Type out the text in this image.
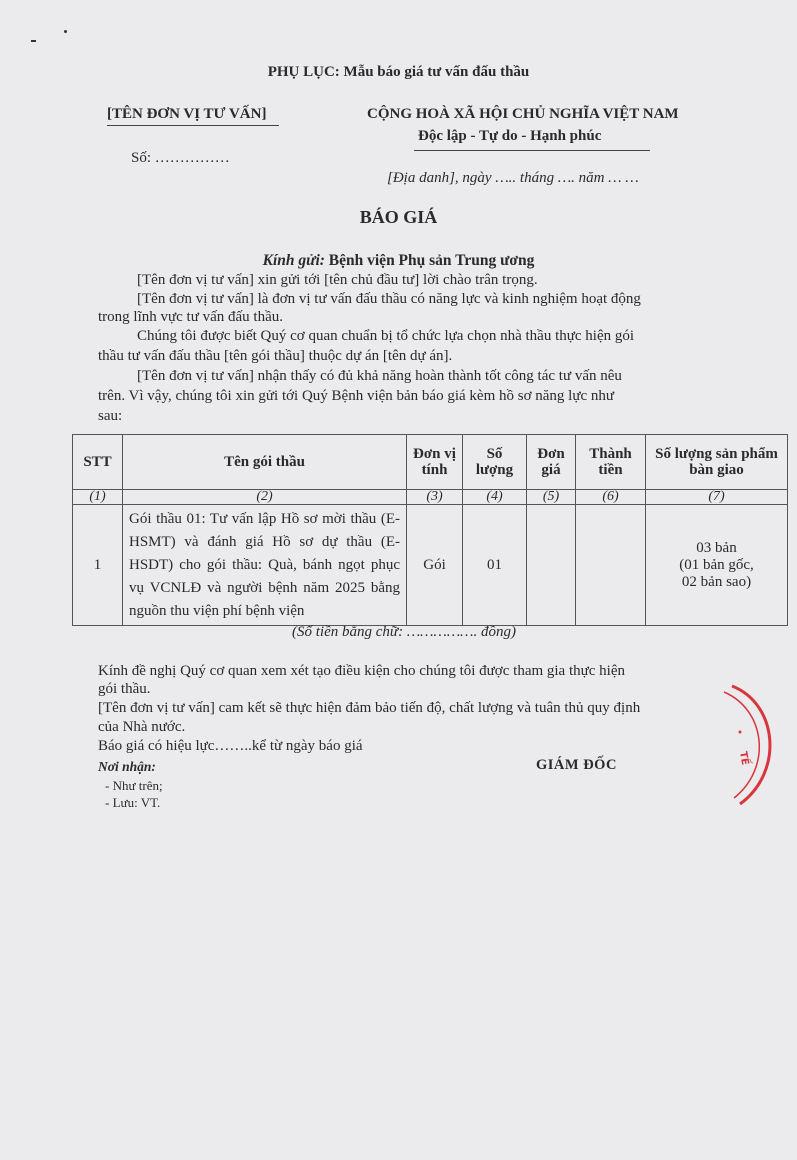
PHỤ LỤC: Mẫu báo giá tư vấn đấu thầu
[TÊN ĐƠN VỊ TƯ VẤN]
Số: ……………
CỘNG HOÀ XÃ HỘI CHỦ NGHĨA VIỆT NAM
Độc lập - Tự do - Hạnh phúc
[Địa danh], ngày ….. tháng …. năm … …
BÁO GIÁ
Kính gửi: Bệnh viện Phụ sản Trung ương
[Tên đơn vị tư vấn] xin gửi tới [tên chủ đầu tư] lời chào trân trọng.
[Tên đơn vị tư vấn] là đơn vị tư vấn đấu thầu có năng lực và kinh nghiệm hoạt động
trong lĩnh vực tư vấn đấu thầu.
Chúng tôi được biết Quý cơ quan chuẩn bị tổ chức lựa chọn nhà thầu thực hiện gói
thầu tư vấn đấu thầu [tên gói thầu] thuộc dự án [tên dự án].
[Tên đơn vị tư vấn] nhận thấy có đủ khả năng hoàn thành tốt công tác tư vấn nêu
trên. Vì vậy, chúng tôi xin gửi tới Quý Bệnh viện bản báo giá kèm hồ sơ năng lực như
sau:
STT	Tên gói thầu	Đơn vị tính	Số lượng	Đơn giá	Thành tiền	Số lượng sản phẩm bàn giao
(1)	(2)	(3)	(4)	(5)	(6)	(7)
1	Gói thầu 01: Tư vấn lập Hồ sơ mời thầu (E-HSMT) và đánh giá Hồ sơ dự thầu (E-HSDT) cho gói thầu: Quà, bánh ngọt phục vụ VCNLĐ và người bệnh năm 2025 bằng nguồn thu viện phí bệnh viện	Gói	01			03 bản
(01 bản gốc,
02 bản sao)
(Số tiền bằng chữ: ……………. đồng)
Kính đề nghị Quý cơ quan xem xét tạo điều kiện cho chúng tôi được tham gia thực hiện
gói thầu.
[Tên đơn vị tư vấn] cam kết sẽ thực hiện đảm bảo tiến độ, chất lượng và tuân thủ quy định
của Nhà nước.
Báo giá có hiệu lực……..kể từ ngày báo giá
Nơi nhận:
- Như trên;
- Lưu: VT.
GIÁM ĐỐC	TẾ
